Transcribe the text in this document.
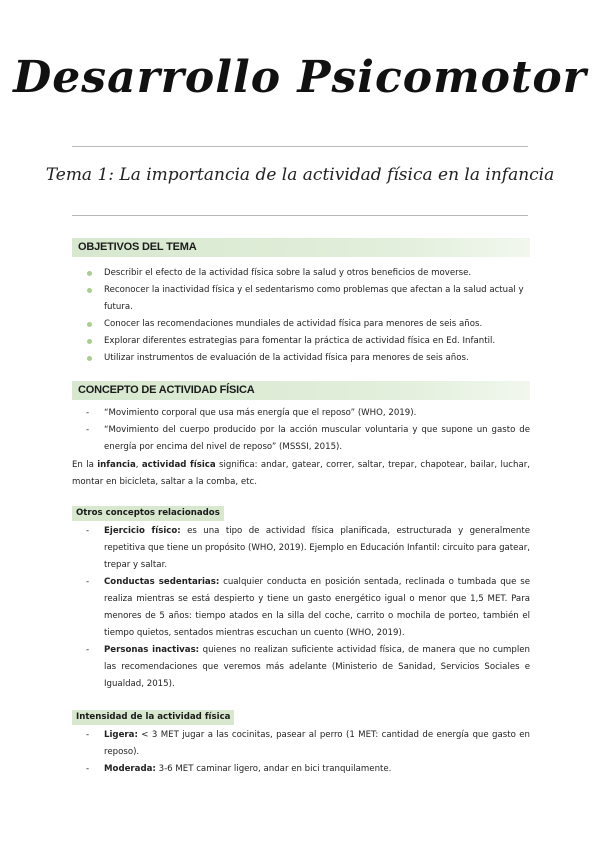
Desarrollo Psicomotor
Tema 1: La importancia de la actividad física en la infancia
OBJETIVOS DEL TEMA
Describir el efecto de la actividad física sobre la salud y otros beneficios de moverse.
Reconocer la inactividad física y el sedentarismo como problemas que afectan a la salud actual y futura.
Conocer las recomendaciones mundiales de actividad física para menores de seis años.
Explorar diferentes estrategias para fomentar la práctica de actividad física en Ed. Infantil.
Utilizar instrumentos de evaluación de la actividad física para menores de seis años.
CONCEPTO DE ACTIVIDAD FÍSICA
- “Movimiento corporal que usa más energía que el reposo” (WHO, 2019).
- “Movimiento del cuerpo producido por la acción muscular voluntaria y que supone un gasto de energía por encima del nivel de reposo” (MSSSI, 2015).

En la infancia, actividad física significa: andar, gatear, correr, saltar, trepar, chapotear, bailar, luchar, montar en bicicleta, saltar a la comba, etc.

Otros conceptos relacionados
- Ejercicio físico: es una tipo de actividad física planificada, estructurada y generalmente repetitiva que tiene un propósito (WHO, 2019). Ejemplo en Educación Infantil: circuito para gatear, trepar y saltar.
- Conductas sedentarias: cualquier conducta en posición sentada, reclinada o tumbada que se realiza mientras se está despierto y tiene un gasto energético igual o menor que 1,5 MET. Para menores de 5 años: tiempo atados en la silla del coche, carrito o mochila de porteo, también el tiempo quietos, sentados mientras escuchan un cuento (WHO, 2019).
- Personas inactivas: quienes no realizan suficiente actividad física, de manera que no cumplen las recomendaciones que veremos más adelante (Ministerio de Sanidad, Servicios Sociales e Igualdad, 2015).
Intensidad de la actividad física
- Ligera: < 3 MET jugar a las cocinitas, pasear al perro (1 MET: cantidad de energía que gasto en reposo).
- Moderada: 3-6 MET caminar ligero, andar en bici tranquilamente.
